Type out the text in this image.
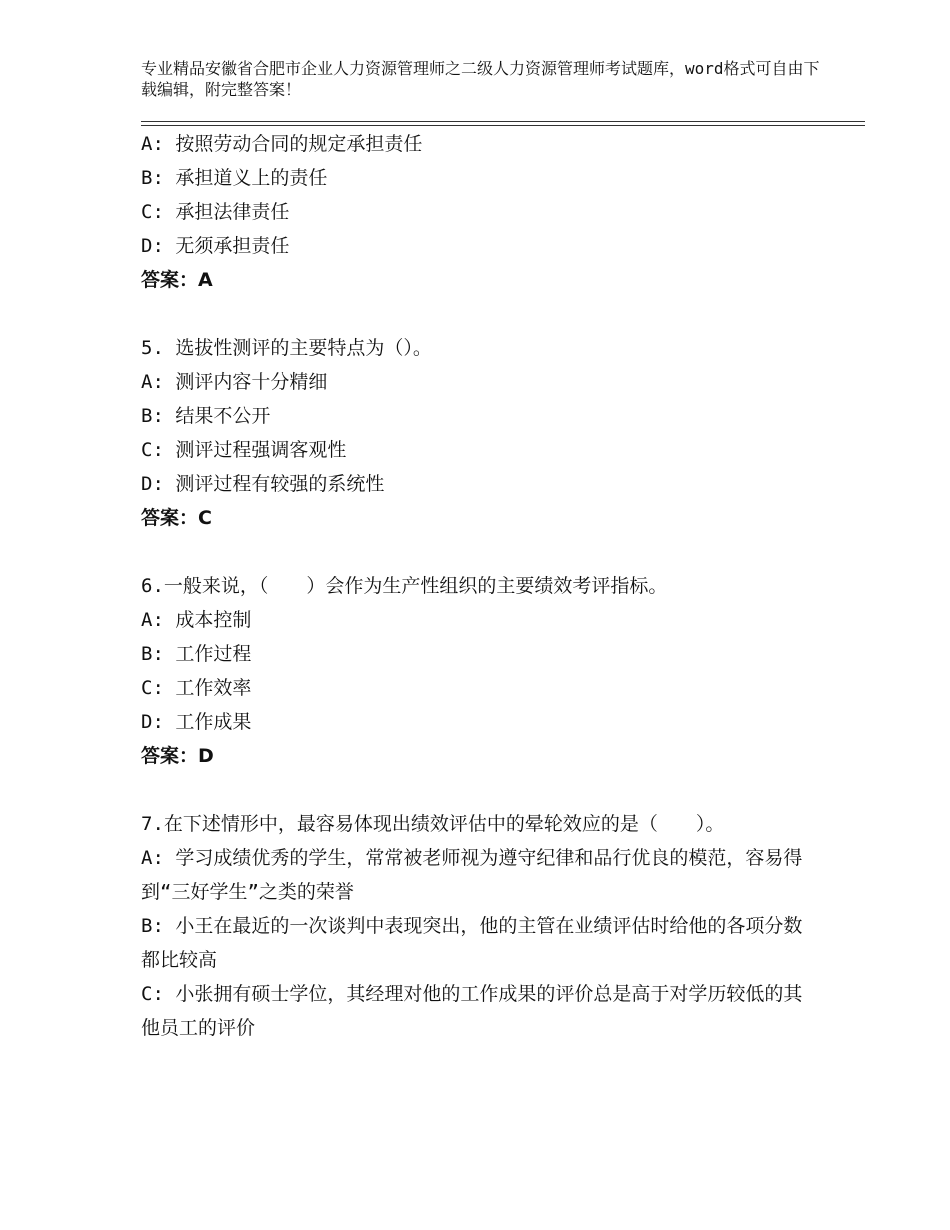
专业精品安徽省合肥市企业人力资源管理师之二级人力资源管理师考试题库，word格式可自由下载编辑，附完整答案！
A: 按照劳动合同的规定承担责任
B: 承担道义上的责任
C: 承担法律责任
D: 无须承担责任
答案：A
5. 选拔性测评的主要特点为（）。
A: 测评内容十分精细
B: 结果不公开
C: 测评过程强调客观性
D: 测评过程有较强的系统性
答案：C
6.一般来说，（　　）会作为生产性组织的主要绩效考评指标。
A: 成本控制
B: 工作过程
C: 工作效率
D: 工作成果
答案：D
7.在下述情形中，最容易体现出绩效评估中的晕轮效应的是（　　）。
A: 学习成绩优秀的学生，常常被老师视为遵守纪律和品行优良的模范，容易得到“三好学生”之类的荣誉
B: 小王在最近的一次谈判中表现突出，他的主管在业绩评估时给他的各项分数都比较高
C: 小张拥有硕士学位，其经理对他的工作成果的评价总是高于对学历较低的其他员工的评价
